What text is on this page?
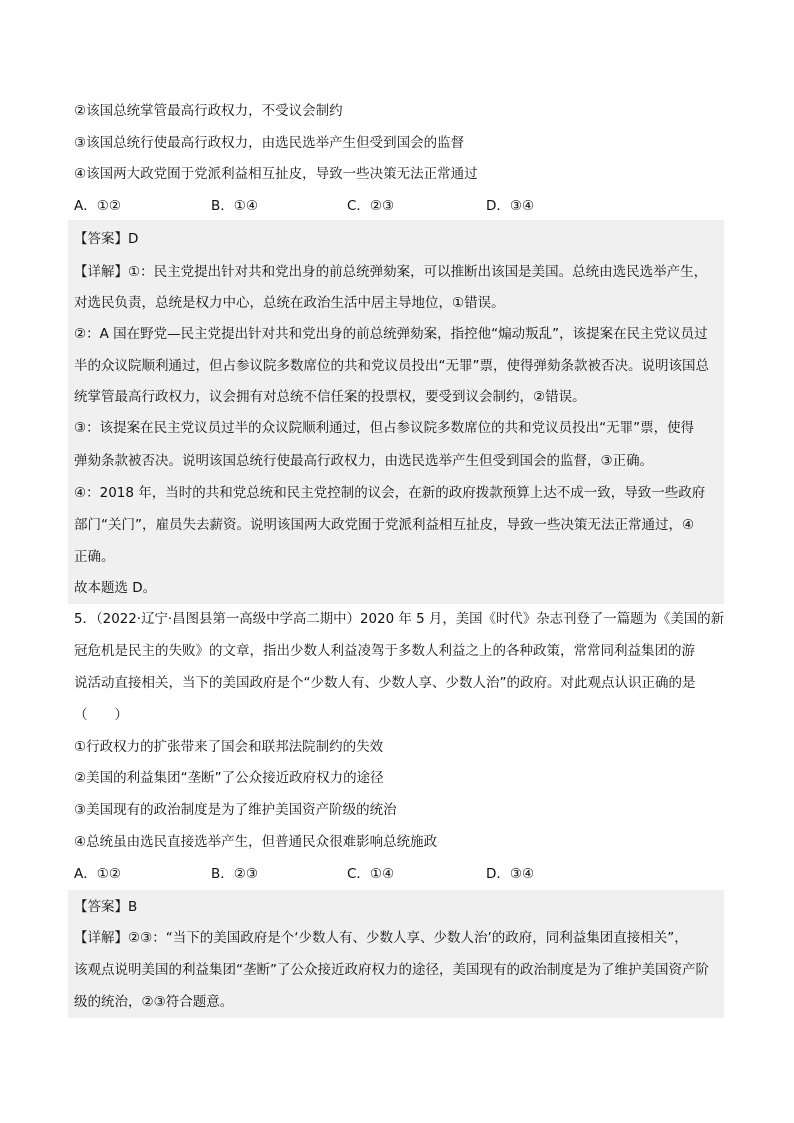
②该国总统掌管最高行政权力，不受议会制约
③该国总统行使最高行政权力，由选民选举产生但受到国会的监督
④该国两大政党囿于党派利益相互扯皮，导致一些决策无法正常通过
A．①②	B．①④	C．②③	D．③④
【答案】D
【详解】①：民主党提出针对共和党出身的前总统弹劾案，可以推断出该国是美国。总统由选民选举产生，
对选民负责，总统是权力中心，总统在政治生活中居主导地位，①错误。
②：A 国在野党—民主党提出针对共和党出身的前总统弹劾案，指控他“煽动叛乱”，该提案在民主党议员过
半的众议院顺利通过，但占参议院多数席位的共和党议员投出“无罪”票，使得弹劾条款被否决。说明该国总
统掌管最高行政权力，议会拥有对总统不信任案的投票权，要受到议会制约，②错误。
③：该提案在民主党议员过半的众议院顺利通过，但占参议院多数席位的共和党议员投出“无罪”票，使得
弹劾条款被否决。说明该国总统行使最高行政权力，由选民选举产生但受到国会的监督，③正确。
④：2018 年，当时的共和党总统和民主党控制的议会，在新的政府拨款预算上达不成一致，导致一些政府
部门“关门”，雇员失去薪资。说明该国两大政党囿于党派利益相互扯皮，导致一些决策无法正常通过，④
正确。
故本题选 D。
5．（2022·辽宁·昌图县第一高级中学高二期中）2020 年 5 月，美国《时代》杂志刊登了一篇题为《美国的新
冠危机是民主的失败》的文章，指出少数人利益凌驾于多数人利益之上的各种政策，常常同利益集团的游
说活动直接相关，当下的美国政府是个“少数人有、少数人享、少数人治”的政府。对此观点认识正确的是
（　　）
①行政权力的扩张带来了国会和联邦法院制约的失效
②美国的利益集团“垄断”了公众接近政府权力的途径
③美国现有的政治制度是为了维护美国资产阶级的统治
④总统虽由选民直接选举产生，但普通民众很难影响总统施政
A．①②	B．②③	C．①④	D．③④
【答案】B
【详解】②③：“当下的美国政府是个‘少数人有、少数人享、少数人治’的政府，同利益集团直接相关”，
该观点说明美国的利益集团“垄断”了公众接近政府权力的途径，美国现有的政治制度是为了维护美国资产阶
级的统治，②③符合题意。
